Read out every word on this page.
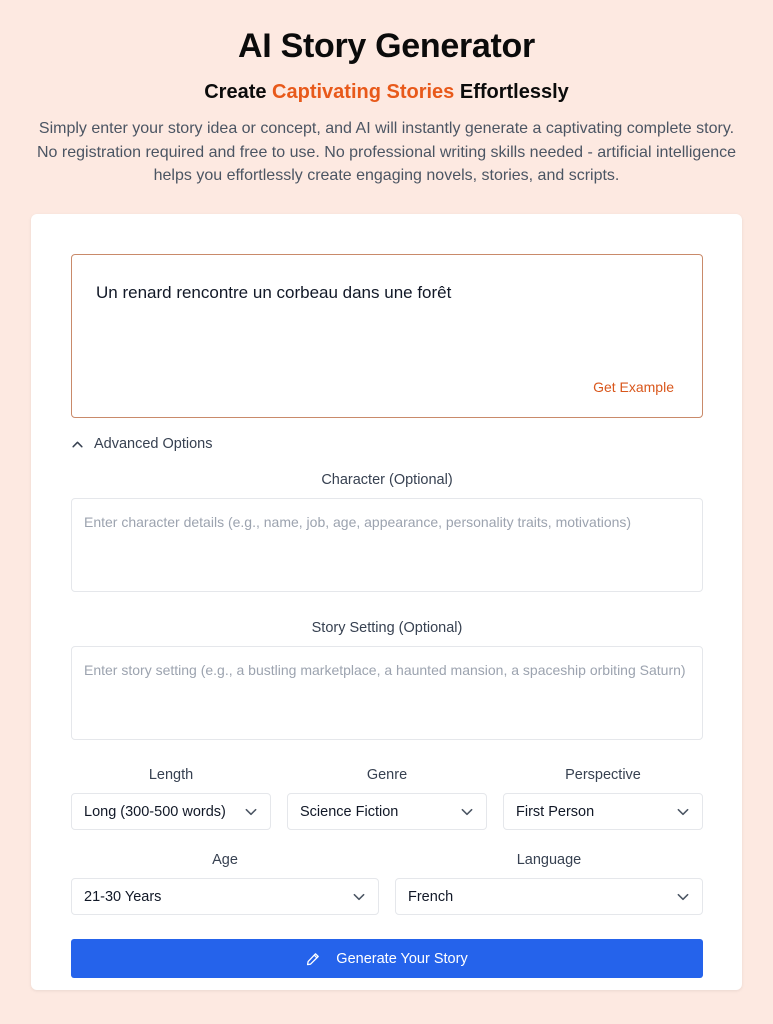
AI Story Generator
Create Captivating Stories Effortlessly

Simply enter your story idea or concept, and AI will instantly generate a captivating complete story. No registration required and free to use. No professional writing skills needed - artificial intelligence helps you effortlessly create engaging novels, stories, and scripts.

Un renard rencontre un corbeau dans une forêt
Get Example
Advanced Options
Character (Optional)
Enter character details (e.g., name, job, age, appearance, personality traits, motivations)
Story Setting (Optional)
Enter story setting (e.g., a bustling marketplace, a haunted mansion, a spaceship orbiting Saturn)
Length
Long (300-500 words)
Genre
Science Fiction
Perspective
First Person
Age
21-30 Years
Language
French
Generate Your Story
